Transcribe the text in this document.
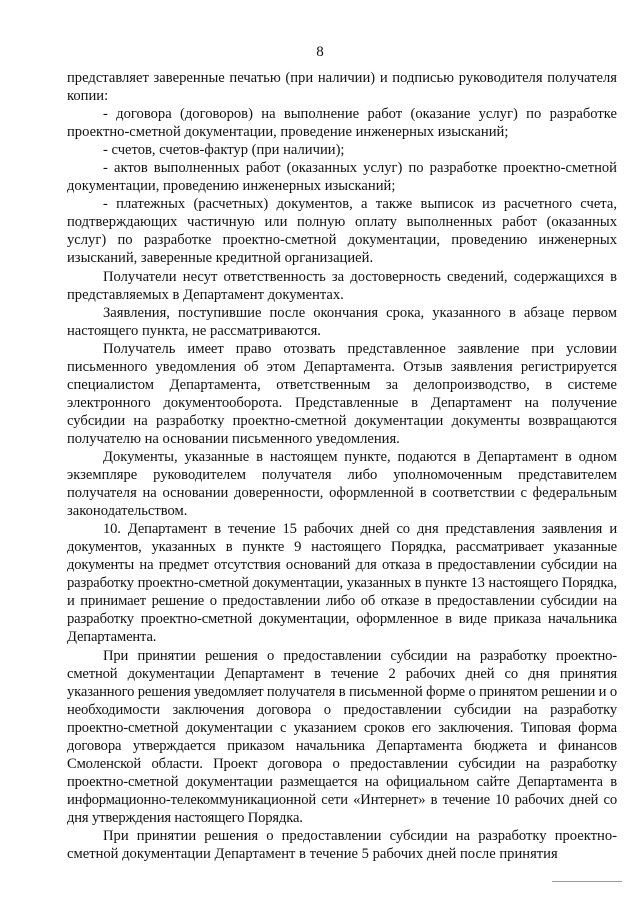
8

представляет заверенные печатью (при наличии) и подписью руководителя получателя копии:

- договора (договоров) на выполнение работ (оказание услуг) по разработке проектно-сметной документации, проведение инженерных изысканий;

- счетов, счетов-фактур (при наличии);

- актов выполненных работ (оказанных услуг) по разработке проектно-сметной документации, проведению инженерных изысканий;

- платежных (расчетных) документов, а также выписок из расчетного счета, подтверждающих частичную или полную оплату выполненных работ (оказанных услуг) по разработке проектно-сметной документации, проведению инженерных изысканий, заверенные кредитной организацией.

Получатели несут ответственность за достоверность сведений, содержащихся в представляемых в Департамент документах.

Заявления, поступившие после окончания срока, указанного в абзаце первом настоящего пункта, не рассматриваются.

Получатель имеет право отозвать представленное заявление при условии письменного уведомления об этом Департамента. Отзыв заявления регистрируется специалистом Департамента, ответственным за делопроизводство, в системе электронного документооборота. Представленные в Департамент на получение субсидии на разработку проектно-сметной документации документы возвращаются получателю на основании письменного уведомления.

Документы, указанные в настоящем пункте, подаются в Департамент в одном экземпляре руководителем получателя либо уполномоченным представителем получателя на основании доверенности, оформленной в соответствии с федеральным законодательством.

10. Департамент в течение 15 рабочих дней со дня представления заявления и документов, указанных в пункте 9 настоящего Порядка, рассматривает указанные документы на предмет отсутствия оснований для отказа в предоставлении субсидии на разработку проектно-сметной документации, указанных в пункте 13 настоящего Порядка, и принимает решение о предоставлении либо об отказе в предоставлении субсидии на разработку проектно-сметной документации, оформленное в виде приказа начальника Департамента.

При принятии решения о предоставлении субсидии на разработку проектно-сметной документации Департамент в течение 2 рабочих дней со дня принятия указанного решения уведомляет получателя в письменной форме о принятом решении и о необходимости заключения договора о предоставлении субсидии на разработку проектно-сметной документации с указанием сроков его заключения. Типовая форма договора утверждается приказом начальника Департамента бюджета и финансов Смоленской области. Проект договора о предоставлении субсидии на разработку проектно-сметной документации размещается на официальном сайте Департамента в информационно-телекоммуникационной сети «Интернет» в течение 10 рабочих дней со дня утверждения настоящего Порядка.

При принятии решения о предоставлении субсидии на разработку проектно-сметной документации Департамент в течение 5 рабочих дней после принятия
